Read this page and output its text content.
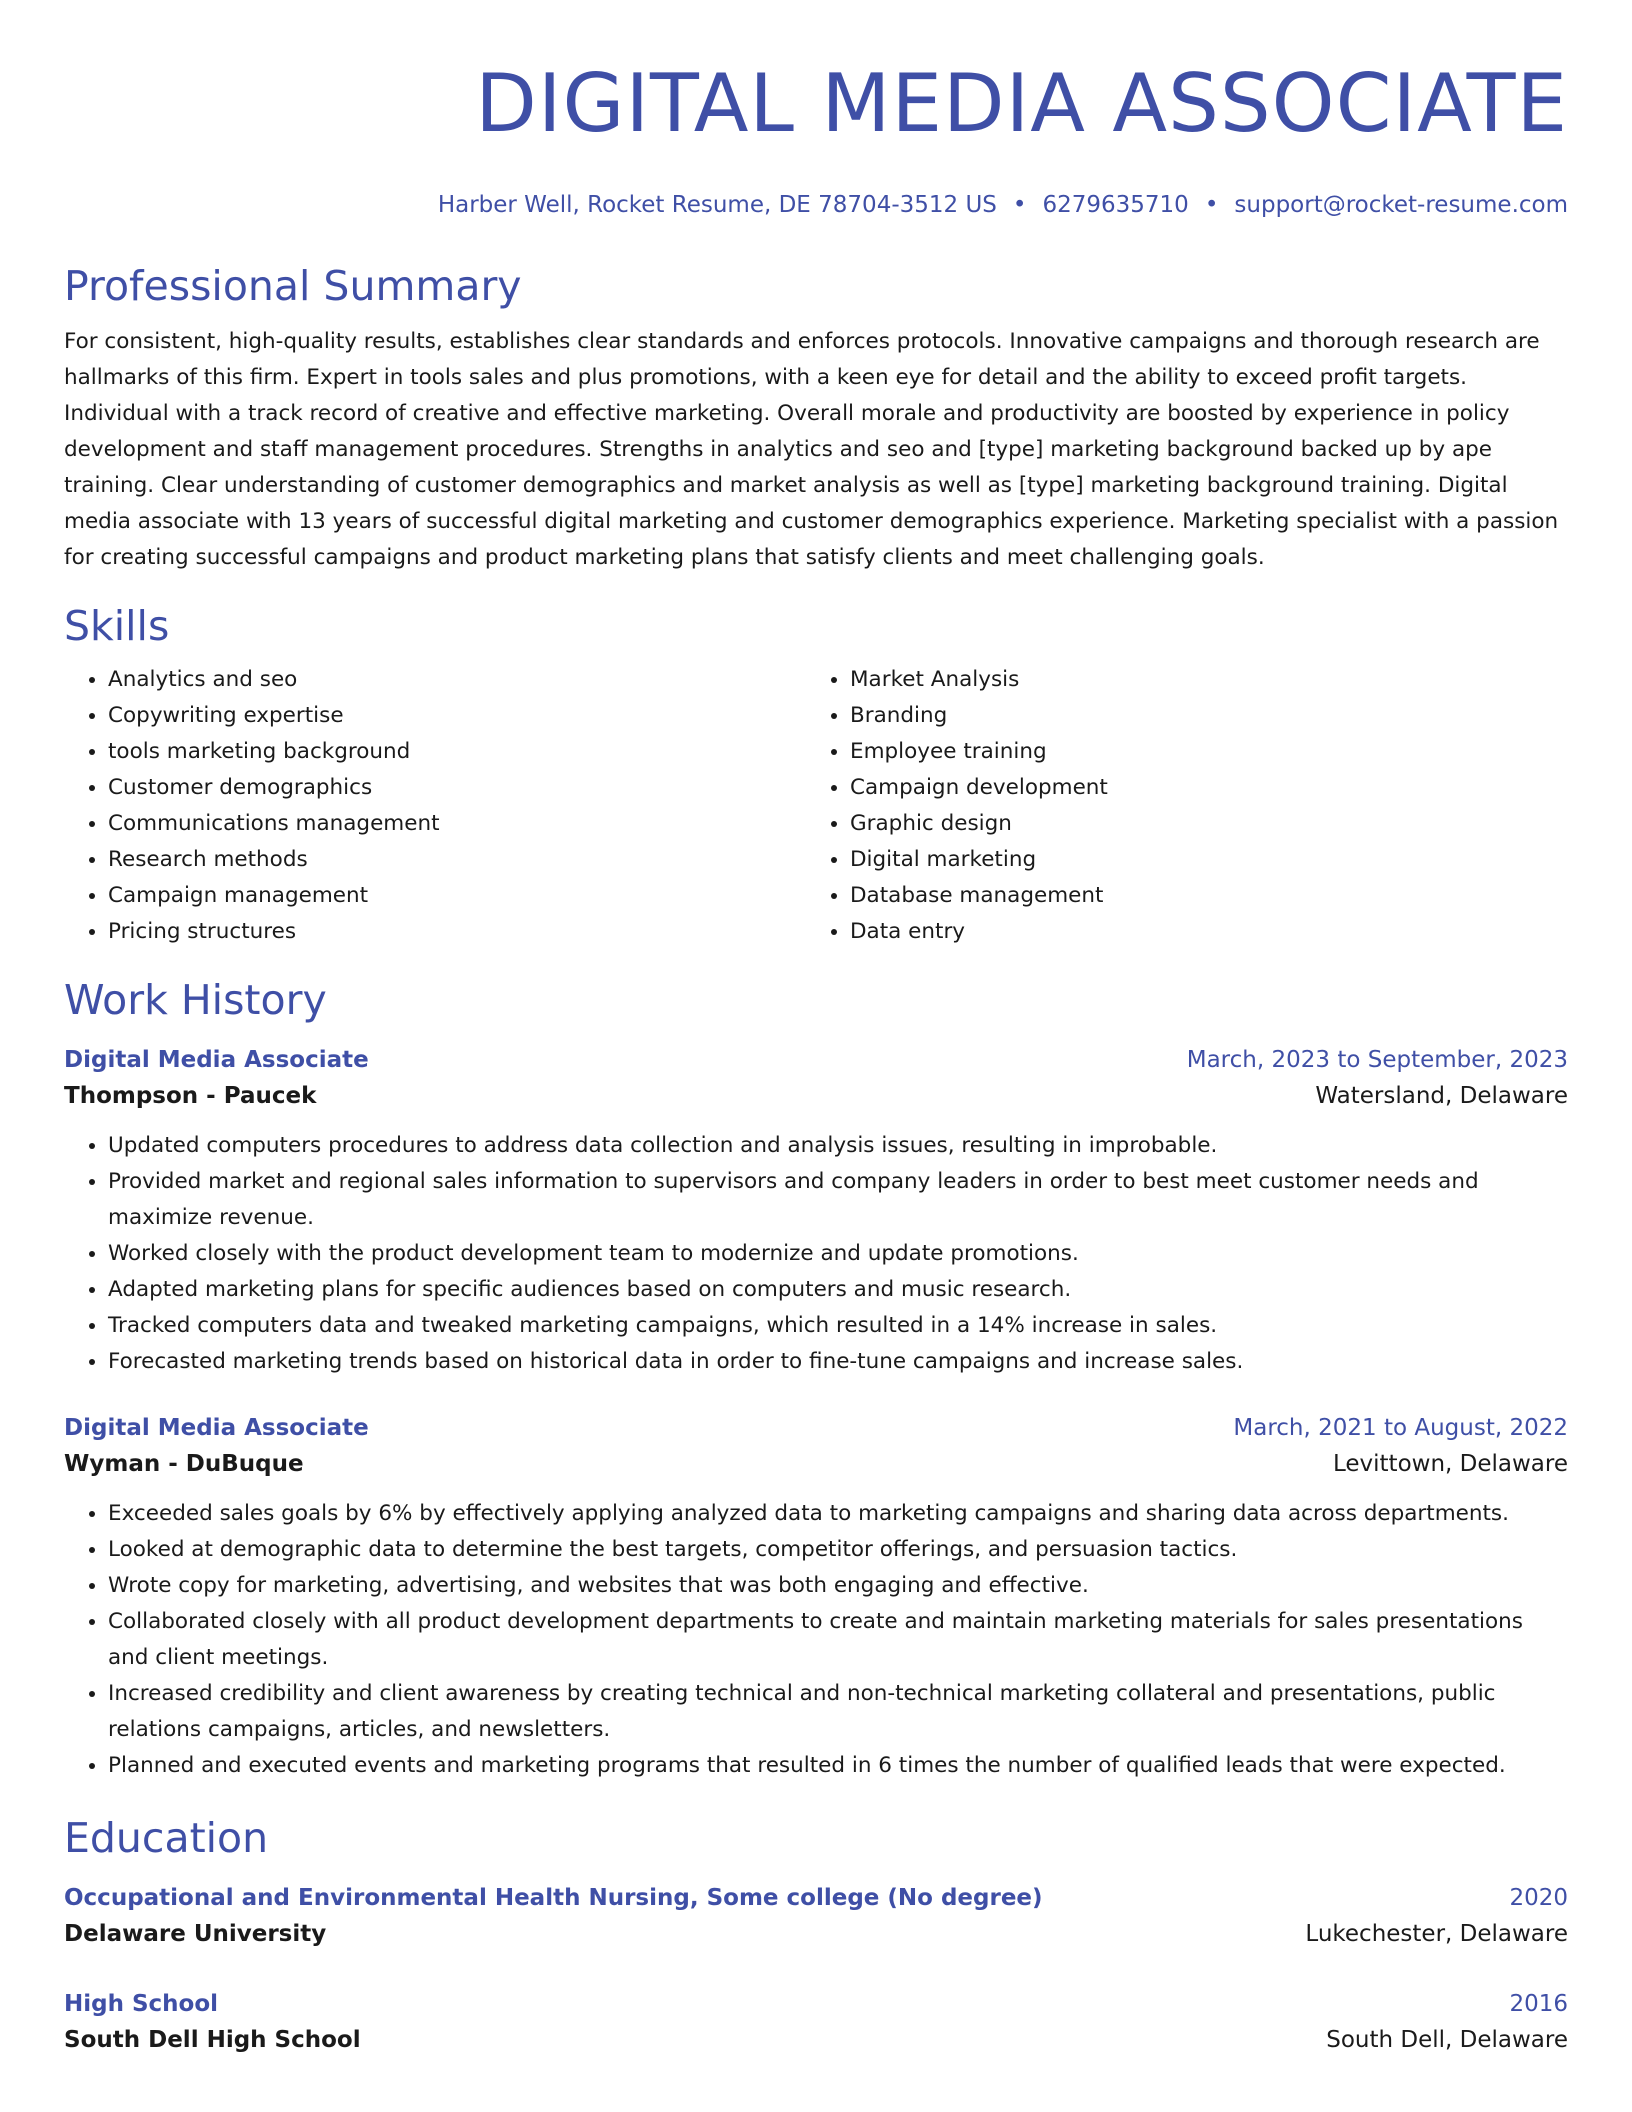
DIGITAL MEDIA ASSOCIATE
Harber Well, Rocket Resume, DE 78704-3512 US • 6279635710 • support@rocket-resume.com
Professional Summary

For consistent, high-quality results, establishes clear standards and enforces protocols. Innovative campaigns and thorough research are hallmarks of this firm. Expert in tools sales and plus promotions, with a keen eye for detail and the ability to exceed profit targets. Individual with a track record of creative and effective marketing. Overall morale and productivity are boosted by experience in policy development and staff management procedures. Strengths in analytics and seo and [type] marketing background backed up by ape training. Clear understanding of customer demographics and market analysis as well as [type] marketing background training. Digital media associate with 13 years of successful digital marketing and customer demographics experience. Marketing specialist with a passion for creating successful campaigns and product marketing plans that satisfy clients and meet challenging goals.

Skills
• Analytics and seo
• Copywriting expertise
• tools marketing background
• Customer demographics
• Communications management
• Research methods
• Campaign management
• Pricing structures
• Market Analysis
• Branding
• Employee training
• Campaign development
• Graphic design
• Digital marketing
• Database management
• Data entry
Work History
Digital Media Associate	March, 2023 to September, 2023
Thompson - Paucek	Watersland, Delaware
• Updated computers procedures to address data collection and analysis issues, resulting in improbable.
• Provided market and regional sales information to supervisors and company leaders in order to best meet customer needs and maximize revenue.
• Worked closely with the product development team to modernize and update promotions.
• Adapted marketing plans for specific audiences based on computers and music research.
• Tracked computers data and tweaked marketing campaigns, which resulted in a 14% increase in sales.
• Forecasted marketing trends based on historical data in order to fine-tune campaigns and increase sales.
Digital Media Associate	March, 2021 to August, 2022
Wyman - DuBuque	Levittown, Delaware
• Exceeded sales goals by 6% by effectively applying analyzed data to marketing campaigns and sharing data across departments.
• Looked at demographic data to determine the best targets, competitor offerings, and persuasion tactics.
• Wrote copy for marketing, advertising, and websites that was both engaging and effective.
• Collaborated closely with all product development departments to create and maintain marketing materials for sales presentations and client meetings.
• Increased credibility and client awareness by creating technical and non-technical marketing collateral and presentations, public relations campaigns, articles, and newsletters.
• Planned and executed events and marketing programs that resulted in 6 times the number of qualified leads that were expected.
Education
Occupational and Environmental Health Nursing, Some college (No degree)	2020
Delaware University	Lukechester, Delaware
High School	2016
South Dell High School	South Dell, Delaware
